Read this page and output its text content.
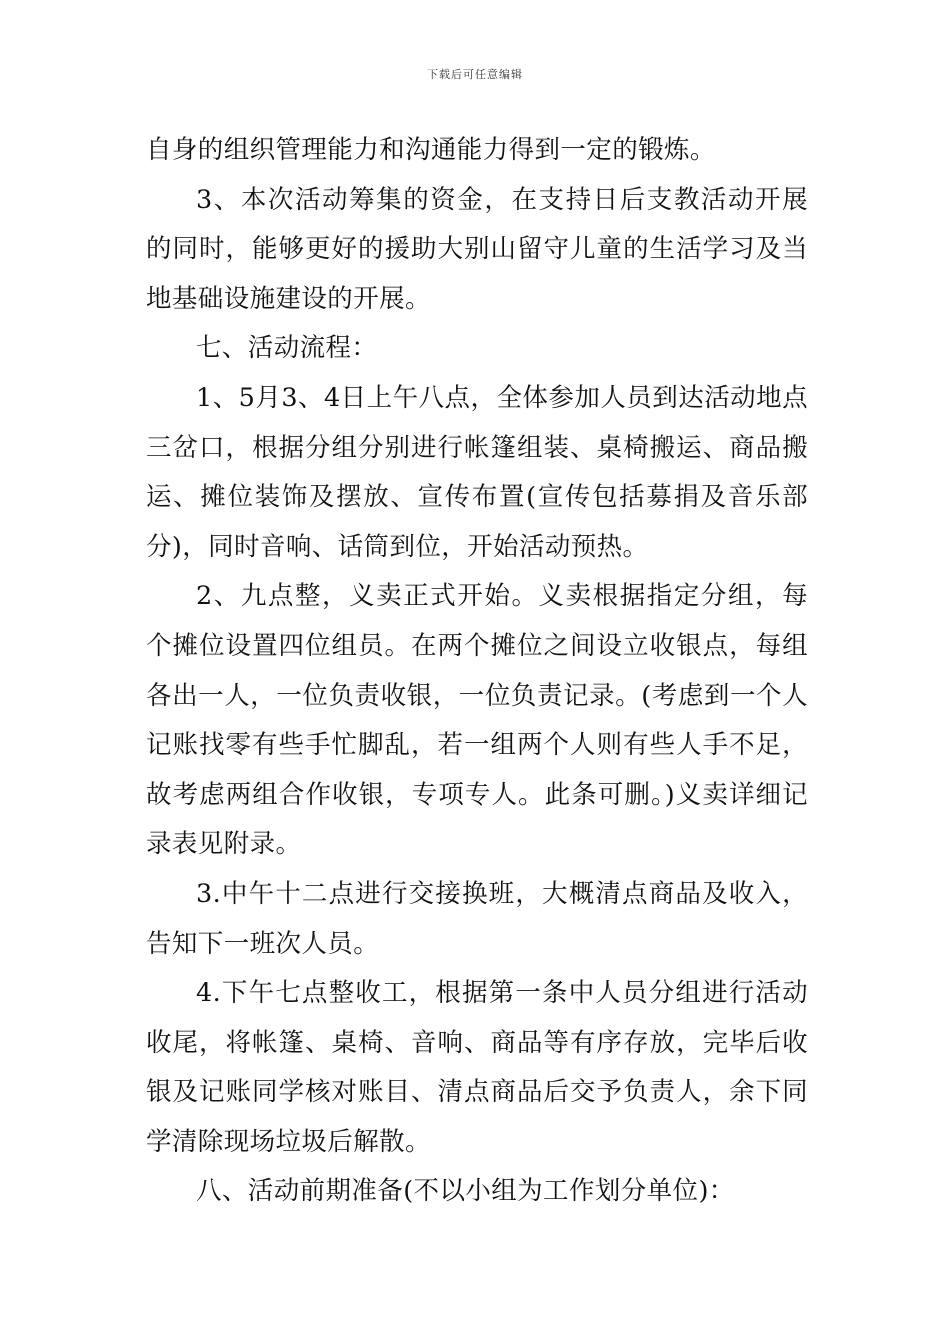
下载后可任意编辑

自身的组织管理能力和沟通能力得到一定的锻炼。

3、本次活动筹集的资金，在支持日后支教活动开展的同时，能够更好的援助大别山留守儿童的生活学习及当地基础设施建设的开展。

七、活动流程：

1、5月3、4日上午八点，全体参加人员到达活动地点三岔口，根据分组分别进行帐篷组装、桌椅搬运、商品搬运、摊位装饰及摆放、宣传布置(宣传包括募捐及音乐部分)，同时音响、话筒到位，开始活动预热。

2、九点整，义卖正式开始。义卖根据指定分组，每个摊位设置四位组员。在两个摊位之间设立收银点，每组各出一人，一位负责收银，一位负责记录。(考虑到一个人记账找零有些手忙脚乱，若一组两个人则有些人手不足，故考虑两组合作收银，专项专人。此条可删。)义卖详细记录表见附录。

3.中午十二点进行交接换班，大概清点商品及收入，告知下一班次人员。

4.下午七点整收工，根据第一条中人员分组进行活动收尾，将帐篷、桌椅、音响、商品等有序存放，完毕后收银及记账同学核对账目、清点商品后交予负责人，余下同学清除现场垃圾后解散。

八、活动前期准备(不以小组为工作划分单位)：
